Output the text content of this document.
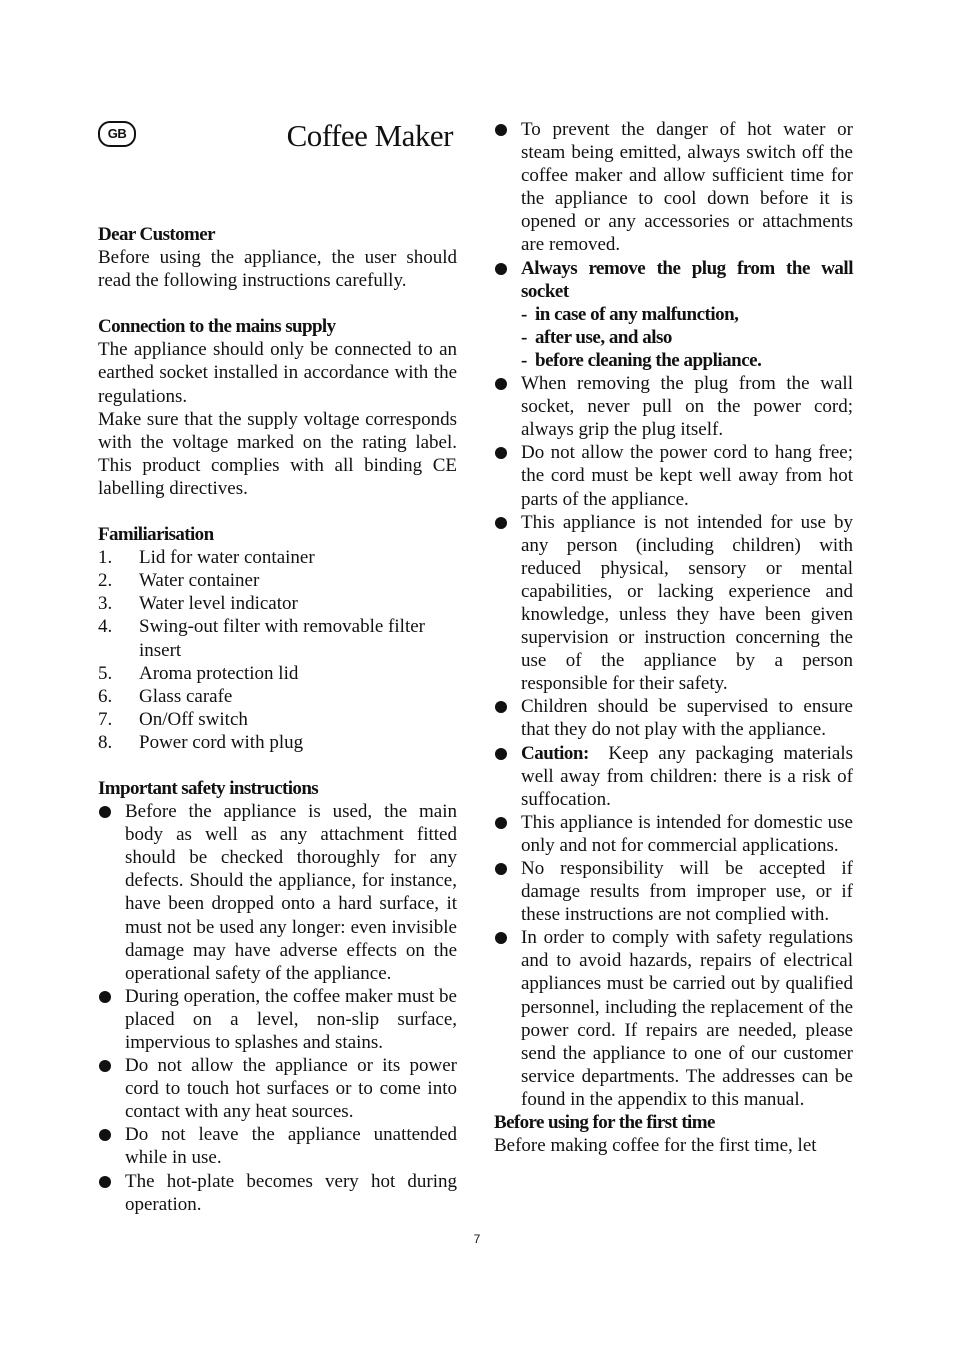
GB	Coffee Maker
Dear Customer
Before using the appliance, the user should read the following instructions carefully.
Connection to the mains supply
The appliance should only be connected to an earthed socket installed in accordance with the regulations.
Make sure that the supply voltage corresponds with the voltage marked on the rating label. This product complies with all binding CE labelling directives.
Familiarisation
1. Lid for water container
2. Water container
3. Water level indicator
4. Swing-out filter with removable filter insert
5. Aroma protection lid
6. Glass carafe
7. On/Off switch
8. Power cord with plug
Important safety instructions
Before the appliance is used, the main body as well as any attachment fitted should be checked thoroughly for any defects. Should the appliance, for instance, have been dropped onto a hard surface, it must not be used any longer: even invisible damage may have adverse effects on the operational safety of the appliance.
During operation, the coffee maker must be placed on a level, non-slip surface, impervious to splashes and stains.
Do not allow the appliance or its power cord to touch hot surfaces or to come into contact with any heat sources.
Do not leave the appliance unattended while in use.
The hot-plate becomes very hot during operation.
To prevent the danger of hot water or steam being emitted, always switch off the coffee maker and allow sufficient time for the appliance to cool down before it is opened or any accessories or attachments are removed.
Always remove the plug from the wall socket
- in case of any malfunction,
- after use, and also
- before cleaning the appliance.
When removing the plug from the wall socket, never pull on the power cord; always grip the plug itself.
Do not allow the power cord to hang free; the cord must be kept well away from hot parts of the appliance.
This appliance is not intended for use by any person (including children) with reduced physical, sensory or mental capabilities, or lacking experience and knowledge, unless they have been given supervision or instruction concerning the use of the appliance by a person responsible for their safety.
Children should be supervised to ensure that they do not play with the appliance.
Caution: Keep any packaging materials well away from children: there is a risk of suffocation.
This appliance is intended for domestic use only and not for commercial applications.
No responsibility will be accepted if damage results from improper use, or if these instructions are not complied with.
In order to comply with safety regulations and to avoid hazards, repairs of electrical appliances must be carried out by qualified personnel, including the replacement of the power cord. If repairs are needed, please send the appliance to one of our customer service departments. The addresses can be found in the appendix to this manual.
Before using for the first time
Before making coffee for the first time, let
7
